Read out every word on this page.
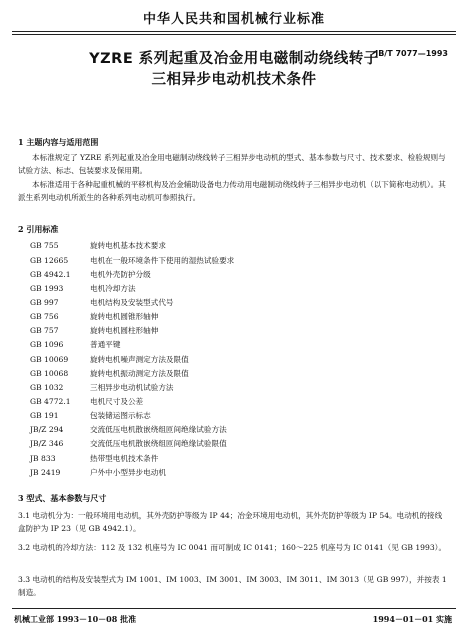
中华人民共和国机械行业标准
YZRE 系列起重及冶金用电磁制动绕线转子
三相异步电动机技术条件
JB/T 7077—1993
1 主题内容与适用范围
本标准规定了 YZRE 系列起重及冶金用电磁制动绕线转子三相异步电动机的型式、基本参数与尺寸、技术要求、检验规则与试验方法、标志、包装要求及保用期。
本标准适用于各种起重机械的平移机构及冶金辅助设备电力传动用电磁制动绕线转子三相异步电动机（以下简称电动机）。其派生系列电动机所派生的各种系列电动机可参照执行。
2 引用标准
GB 755	旋转电机基本技术要求
GB 12665	电机在一般环境条件下使用的湿热试验要求
GB 4942.1	电机外壳防护分级
GB 1993	电机冷却方法
GB 997	电机结构及安装型式代号
GB 756	旋转电机圆锥形轴伸
GB 757	旋转电机圆柱形轴伸
GB 1096	普通平键
GB 10069	旋转电机噪声测定方法及限值
GB 10068	旋转电机振动测定方法及限值
GB 1032	三相异步电动机试验方法
GB 4772.1	电机尺寸及公差
GB 191	包装储运图示标志
JB/Z 294	交流低压电机散嵌绕组匝间绝缘试验方法
JB/Z 346	交流低压电机散嵌绕组匝间绝缘试验限值
JB 833	热带型电机技术条件
JB 2419	户外中小型异步电动机
3 型式、基本参数与尺寸
3.1 电动机分为：一般环境用电动机，其外壳防护等级为 IP 44；冶金环境用电动机，其外壳防护等级为 IP 54。电动机的接线盒防护为 IP 23（见 GB 4942.1）。
3.2 电动机的冷却方法：112 及 132 机座号为 IC 0041 而可制成 IC 0141；160～225 机座号为 IC 0141（见 GB 1993）。
3.3 电动机的结构及安装型式为 IM 1001、IM 1003、IM 3001、IM 3003、IM 3011、IM 3013（见 GB 997），并按表 1 制造。
机械工业部 1993－10－08 批准	1994－01－01 实施
